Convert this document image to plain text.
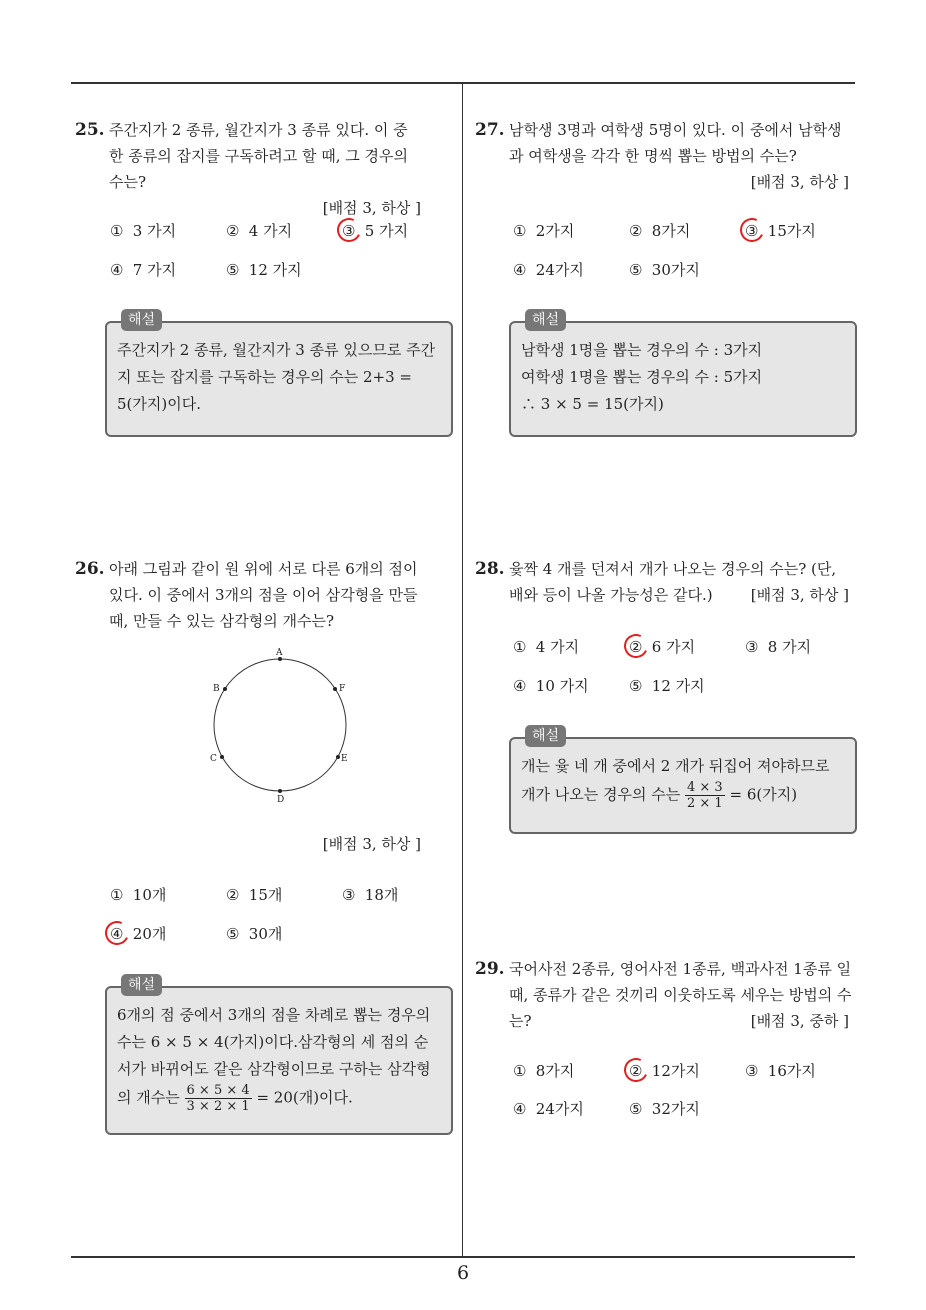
25. 주간지가 2 종류, 월간지가 3 종류 있다. 이 중 한 종류의 잡지를 구독하려고 할 때, 그 경우의 수는?
[배점 3, 하상 ]
① 3 가지	② 4 가지	③ 5 가지
④ 7 가지	⑤ 12 가지
해설
주간지가 2 종류, 월간지가 3 종류 있으므로 주간지 또는 잡지를 구독하는 경우의 수는 2+3 = 5(가지)이다.
26. 아래 그림과 같이 원 위에 서로 다른 6개의 점이 있다. 이 중에서 3개의 점을 이어 삼각형을 만들 때, 만들 수 있는 삼각형의 개수는?
A
B
C
D
E
F
[배점 3, 하상 ]
① 10개	② 15개	③ 18개
④ 20개	⑤ 30개
해설
6개의 점 중에서 3개의 점을 차례로 뽑는 경우의 수는 6 × 5 × 4(가지)이다.삼각형의 세 점의 순서가 바뀌어도 같은 삼각형이므로 구하는 삼각형의 개수는 $\frac{6 \times 5 \times 4}{3 \times 2 \times 1} = 20$(개)이다.
27. 남학생 3명과 여학생 5명이 있다. 이 중에서 남학생과 여학생을 각각 한 명씩 뽑는 방법의 수는?
[배점 3, 하상 ]
① 2가지	② 8가지	③ 15가지
④ 24가지	⑤ 30가지
해설
남학생 1명을 뽑는 경우의 수 : 3가지
여학생 1명을 뽑는 경우의 수 : 5가지
∴ 3 × 5 = 15(가지)
28. 윷짝 4 개를 던져서 개가 나오는 경우의 수는? (단, 배와 등이 나올 가능성은 같다.)	[배점 3, 하상 ]
① 4 가지	② 6 가지	③ 8 가지
④ 10 가지	⑤ 12 가지
해설
개는 윷 네 개 중에서 2 개가 뒤집어 져야하므로
개가 나오는 경우의 수는 $\frac{4 \times 3}{2 \times 1} = 6$(가지)
29. 국어사전 2종류, 영어사전 1종류, 백과사전 1종류 일 때, 종류가 같은 것끼리 이웃하도록 세우는 방법의 수는?	[배점 3, 중하 ]
① 8가지	② 12가지	③ 16가지
④ 24가지	⑤ 32가지
6
